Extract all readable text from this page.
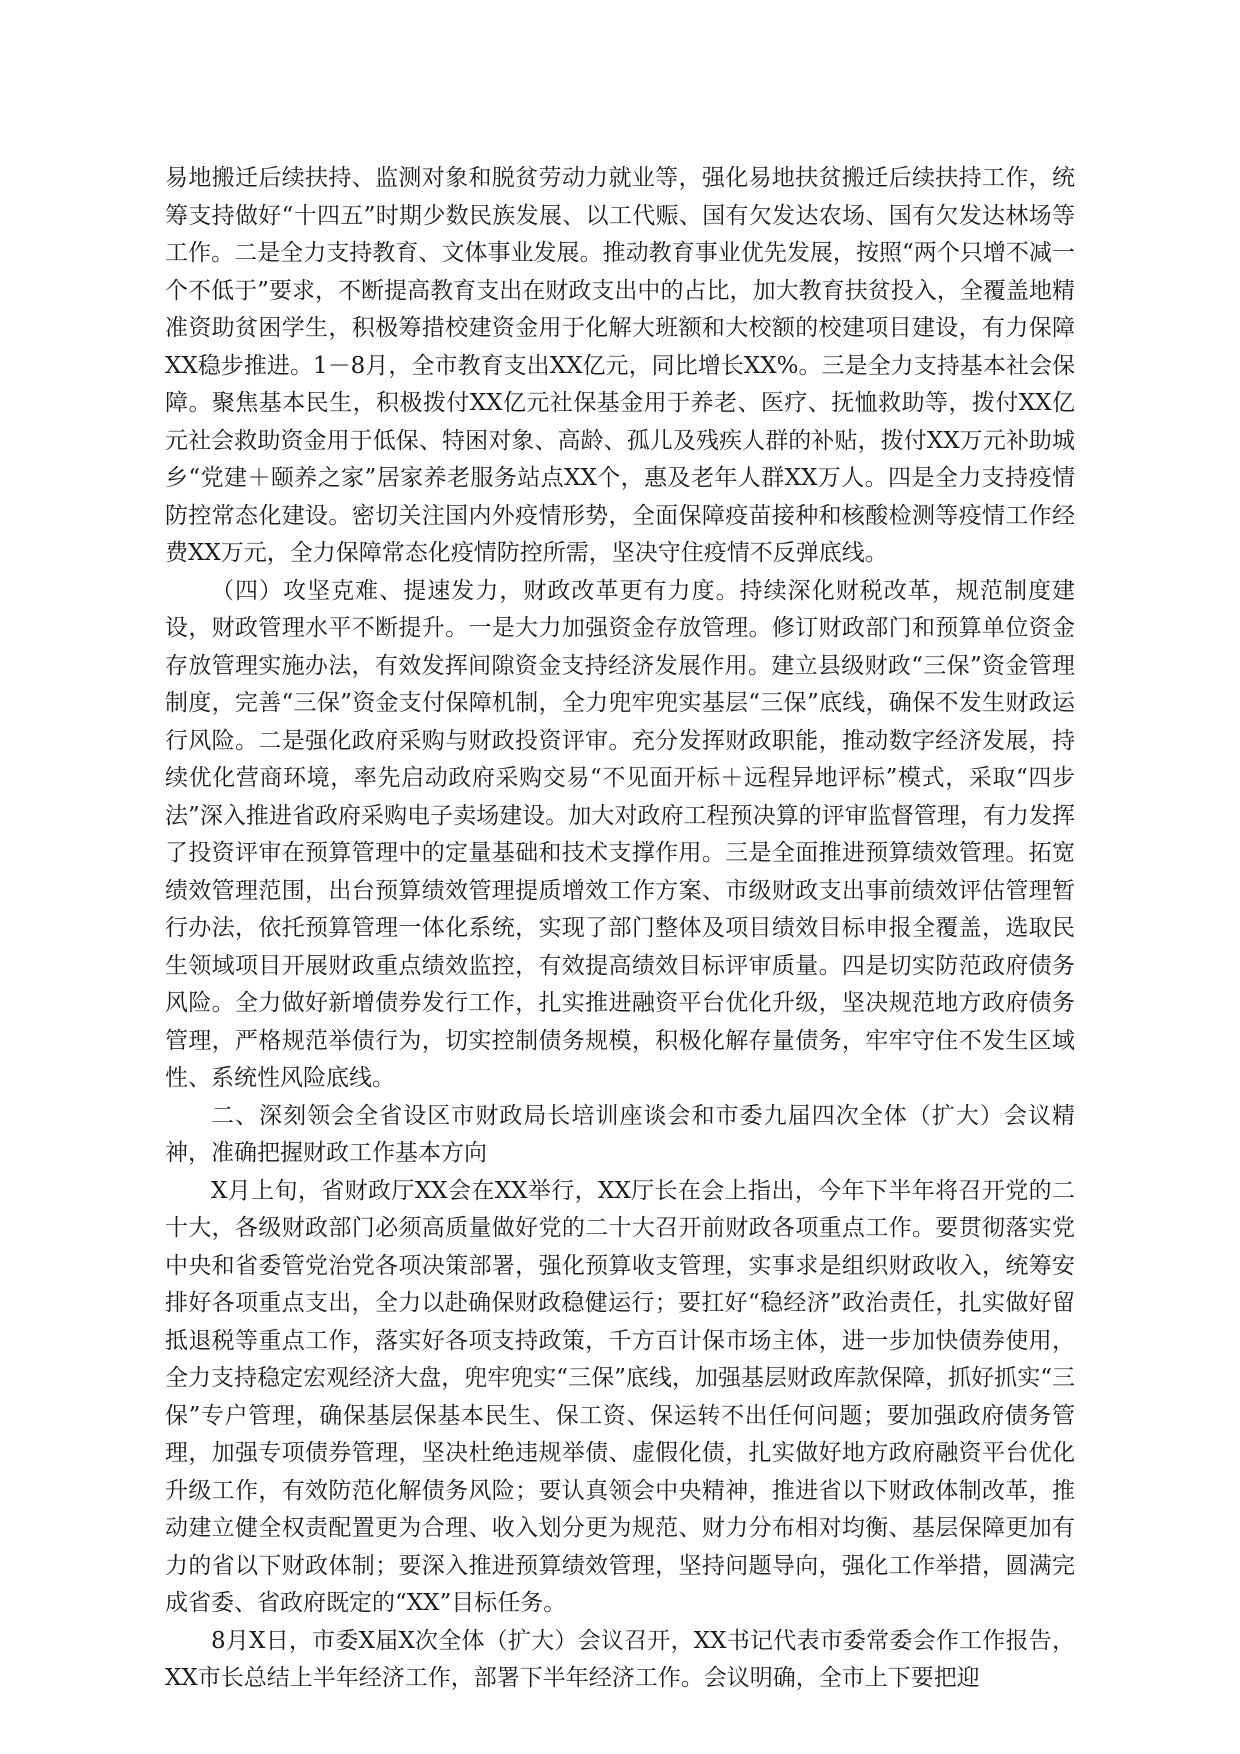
易地搬迁后续扶持、监测对象和脱贫劳动力就业等，强化易地扶贫搬迁后续扶持工作，统筹支持做好“十四五”时期少数民族发展、以工代赈、国有欠发达农场、国有欠发达林场等工作。二是全力支持教育、文体事业发展。推动教育事业优先发展，按照“两个只增不减一个不低于”要求，不断提高教育支出在财政支出中的占比，加大教育扶贫投入，全覆盖地精准资助贫困学生，积极筹措校建资金用于化解大班额和大校额的校建项目建设，有力保障XX稳步推进。1－8月，全市教育支出XX亿元，同比增长XX%。三是全力支持基本社会保障。聚焦基本民生，积极拨付XX亿元社保基金用于养老、医疗、抚恤救助等，拨付XX亿元社会救助资金用于低保、特困对象、高龄、孤儿及残疾人群的补贴，拨付XX万元补助城乡“党建＋颐养之家”居家养老服务站点XX个，惠及老年人群XX万人。四是全力支持疫情防控常态化建设。密切关注国内外疫情形势，全面保障疫苗接种和核酸检测等疫情工作经费XX万元，全力保障常态化疫情防控所需，坚决守住疫情不反弹底线。

（四）攻坚克难、提速发力，财政改革更有力度。持续深化财税改革，规范制度建设，财政管理水平不断提升。一是大力加强资金存放管理。修订财政部门和预算单位资金存放管理实施办法，有效发挥间隙资金支持经济发展作用。建立县级财政“三保”资金管理制度，完善“三保”资金支付保障机制，全力兜牢兜实基层“三保”底线，确保不发生财政运行风险。二是强化政府采购与财政投资评审。充分发挥财政职能，推动数字经济发展，持续优化营商环境，率先启动政府采购交易“不见面开标＋远程异地评标”模式，采取“四步法”深入推进省政府采购电子卖场建设。加大对政府工程预决算的评审监督管理，有力发挥了投资评审在预算管理中的定量基础和技术支撑作用。三是全面推进预算绩效管理。拓宽绩效管理范围，出台预算绩效管理提质增效工作方案、市级财政支出事前绩效评估管理暂行办法，依托预算管理一体化系统，实现了部门整体及项目绩效目标申报全覆盖，选取民生领域项目开展财政重点绩效监控，有效提高绩效目标评审质量。四是切实防范政府债务风险。全力做好新增债券发行工作，扎实推进融资平台优化升级，坚决规范地方政府债务管理，严格规范举债行为，切实控制债务规模，积极化解存量债务，牢牢守住不发生区域性、系统性风险底线。

二、深刻领会全省设区市财政局长培训座谈会和市委九届四次全体（扩大）会议精神，准确把握财政工作基本方向

X月上旬，省财政厅XX会在XX举行，XX厅长在会上指出，今年下半年将召开党的二十大，各级财政部门必须高质量做好党的二十大召开前财政各项重点工作。要贯彻落实党中央和省委管党治党各项决策部署，强化预算收支管理，实事求是组织财政收入，统筹安排好各项重点支出，全力以赴确保财政稳健运行；要扛好“稳经济”政治责任，扎实做好留抵退税等重点工作，落实好各项支持政策，千方百计保市场主体，进一步加快债券使用，全力支持稳定宏观经济大盘，兜牢兜实“三保”底线，加强基层财政库款保障，抓好抓实“三保”专户管理，确保基层保基本民生、保工资、保运转不出任何问题；要加强政府债务管理，加强专项债券管理，坚决杜绝违规举债、虚假化债，扎实做好地方政府融资平台优化升级工作，有效防范化解债务风险；要认真领会中央精神，推进省以下财政体制改革，推动建立健全权责配置更为合理、收入划分更为规范、财力分布相对均衡、基层保障更加有力的省以下财政体制；要深入推进预算绩效管理，坚持问题导向，强化工作举措，圆满完成省委、省政府既定的“XX”目标任务。

8月X日，市委X届X次全体（扩大）会议召开，XX书记代表市委常委会作工作报告，XX市长总结上半年经济工作，部署下半年经济工作。会议明确，全市上下要把迎
